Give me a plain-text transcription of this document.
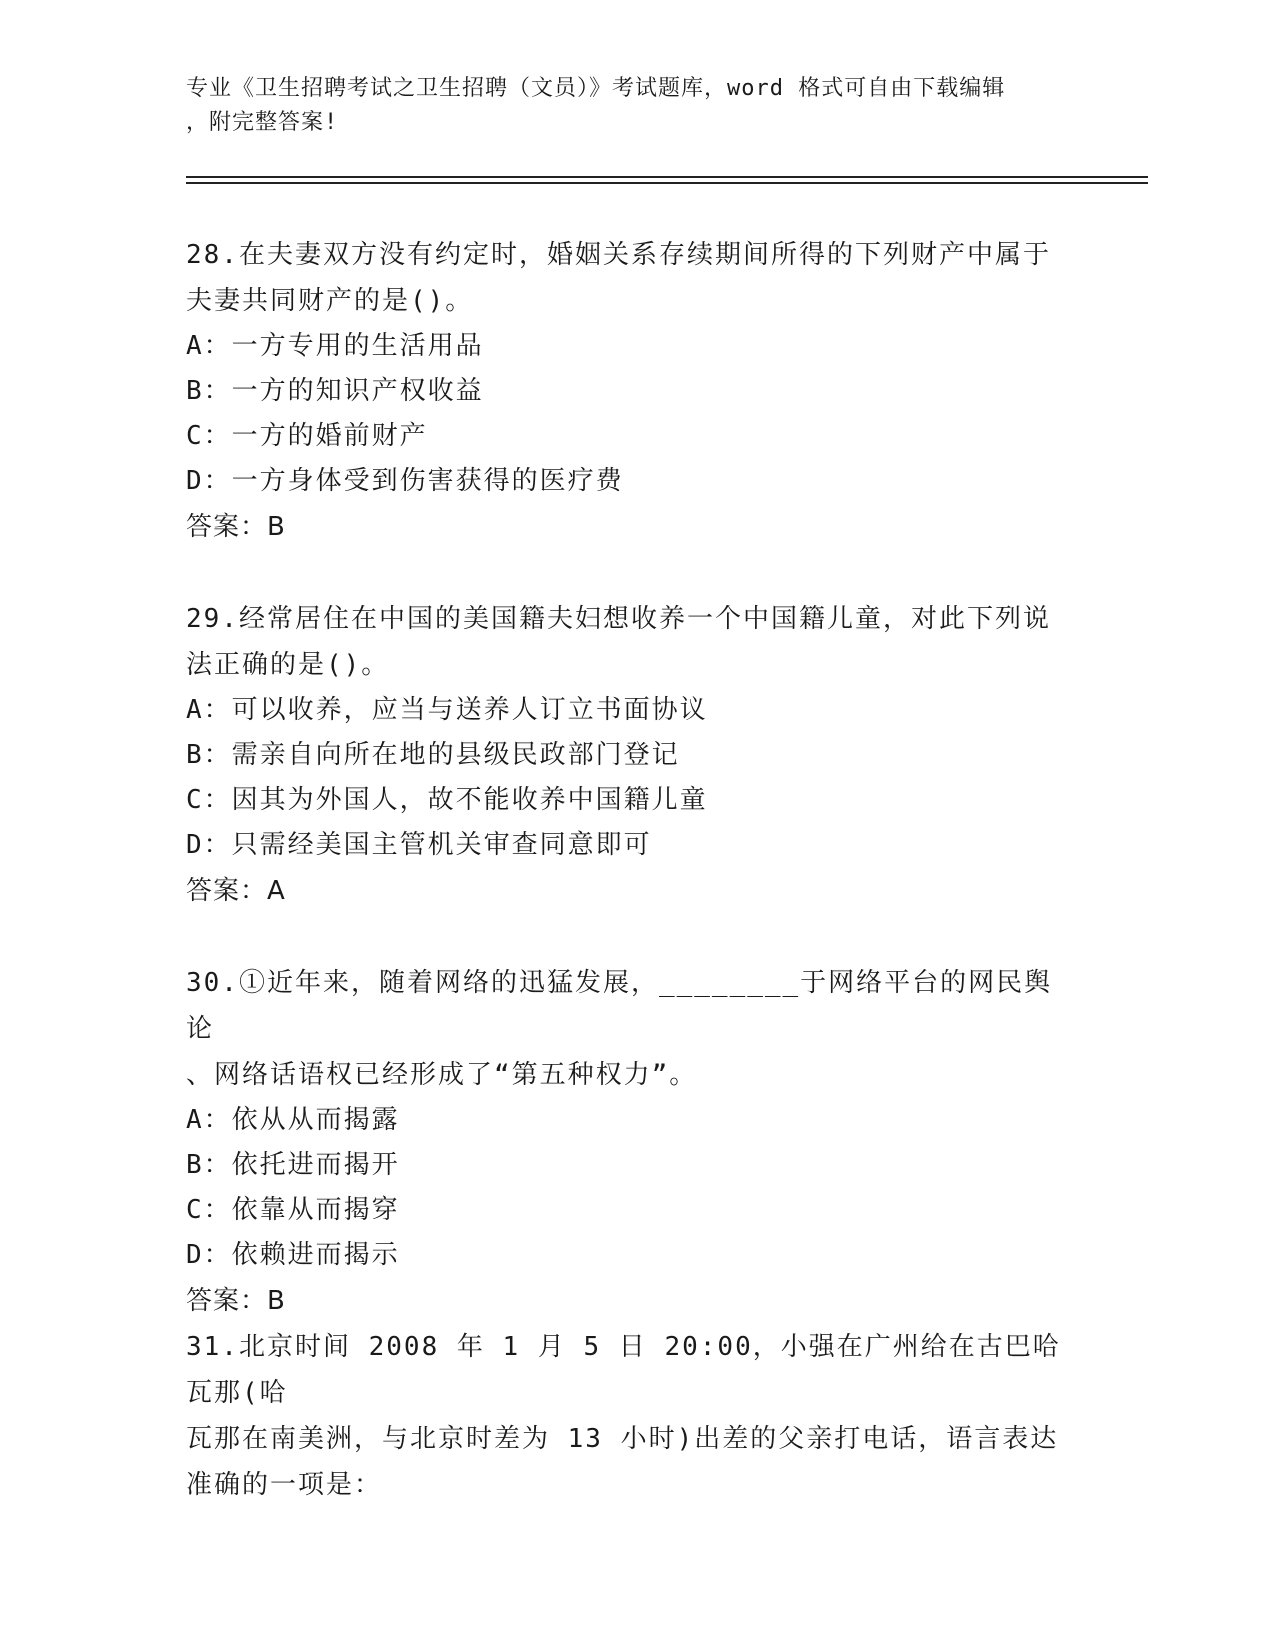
专业《卫生招聘考试之卫生招聘（文员）》考试题库，word 格式可自由下载编辑
，附完整答案!

28.在夫妻双方没有约定时，婚姻关系存续期间所得的下列财产中属于

夫妻共同财产的是()。

A：一方专用的生活用品

B：一方的知识产权收益

C：一方的婚前财产

D：一方身体受到伤害获得的医疗费

答案：B

29.经常居住在中国的美国籍夫妇想收养一个中国籍儿童，对此下列说

法正确的是()。

A：可以收养，应当与送养人订立书面协议

B：需亲自向所在地的县级民政部门登记

C：因其为外国人，故不能收养中国籍儿童

D：只需经美国主管机关审查同意即可

答案：A

30.①近年来，随着网络的迅猛发展，________于网络平台的网民舆论

、网络话语权已经形成了“第五种权力”。

A：依从从而揭露

B：依托进而揭开

C：依靠从而揭穿

D：依赖进而揭示

答案：B

31.北京时间 2008 年 1 月 5 日 20:00，小强在广州给在古巴哈瓦那(哈

瓦那在南美洲，与北京时差为 13 小时)出差的父亲打电话，语言表达

准确的一项是：
